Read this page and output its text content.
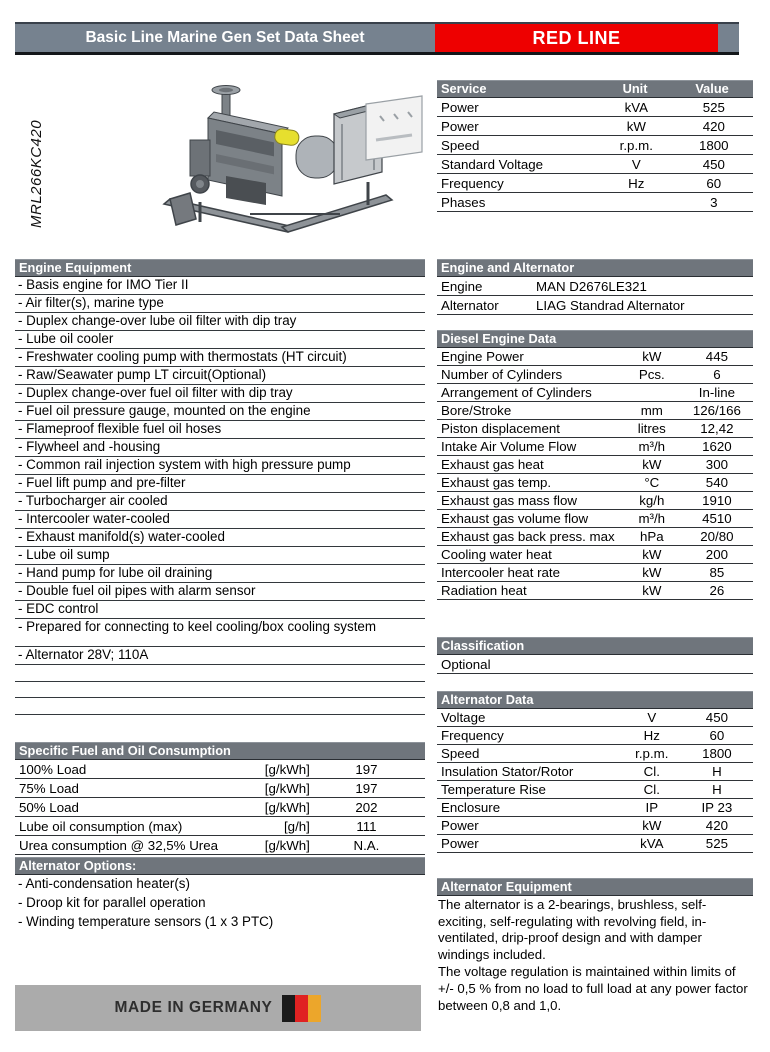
Basic Line Marine Gen Set Data Sheet	RED LINE
MRL266KC420
Service	Unit	Value
Power	kVA	525
Power	kW	420
Speed	r.p.m.	1800
Standard Voltage	V	450
Frequency	Hz	60
Phases	3
Engine Equipment
- Basis engine for IMO Tier II
- Air filter(s), marine type
- Duplex change-over lube oil filter with dip tray
- Lube oil cooler
- Freshwater cooling pump with thermostats (HT circuit)
- Raw/Seawater pump LT circuit(Optional)
- Duplex change-over fuel oil filter with dip tray
- Fuel oil pressure gauge, mounted on the engine
- Flameproof flexible fuel oil hoses
- Flywheel and -housing
- Common rail injection system with high pressure pump
- Fuel lift pump and pre-filter
- Turbocharger air cooled
- Intercooler water-cooled
- Exhaust manifold(s) water-cooled
- Lube oil sump
- Hand pump for lube oil draining
- Double fuel oil pipes with alarm sensor
- EDC control
- Prepared for connecting to keel cooling/box cooling system
- Alternator 28V; 110A
Specific Fuel and Oil Consumption
100% Load	[g/kWh]	197
75% Load	[g/kWh]	197
50% Load	[g/kWh]	202
Lube oil consumption (max)	[g/h]	111
Urea consumption @ 32,5% Urea	[g/kWh]	N.A.
Alternator Options:
- Anti-condensation heater(s)
- Droop kit for parallel operation
- Winding temperature sensors (1 x 3 PTC)
MADE IN GERMANY
Engine and Alternator
Engine	MAN D2676LE321
Alternator	LIAG Standrad Alternator
Diesel Engine Data
Engine Power	kW	445
Number of Cylinders	Pcs.	6
Arrangement of Cylinders	In-line
Bore/Stroke	mm	126/166
Piston displacement	litres	12,42
Intake Air Volume Flow	m³/h	1620
Exhaust gas heat	kW	300
Exhaust gas temp.	°C	540
Exhaust gas mass flow	kg/h	1910
Exhaust gas volume flow	m³/h	4510
Exhaust gas back press. max	hPa	20/80
Cooling water heat	kW	200
Intercooler heat rate	kW	85
Radiation heat	kW	26
Classification
Optional
Alternator Data
Voltage	V	450
Frequency	Hz	60
Speed	r.p.m.	1800
Insulation Stator/Rotor	Cl.	H
Temperature Rise	Cl.	H
Enclosure	IP	IP 23
Power	kW	420
Power	kVA	525
Alternator Equipment
The alternator is a 2-bearings, brushless, self-exciting, self-regulating with revolving field, in-ventilated, drip-proof design and with damper windings included.
The voltage regulation is maintained within limits of +/- 0,5 % from no load to full load at any power factor between 0,8 and 1,0.
